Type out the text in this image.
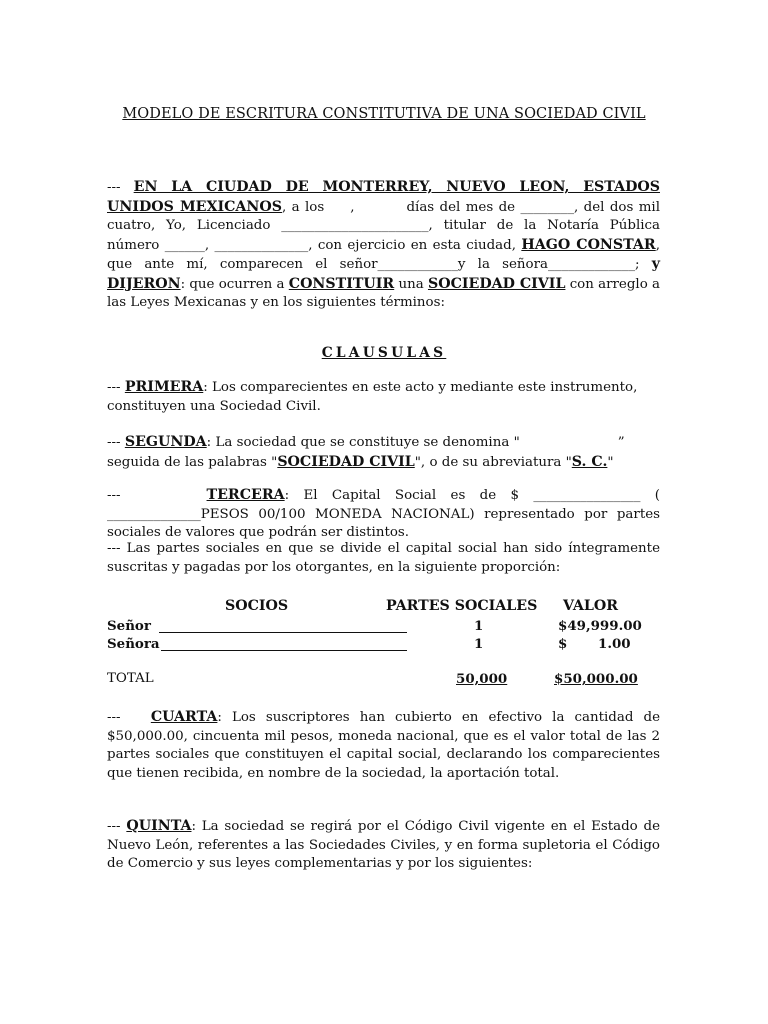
MODELO DE ESCRITURA CONSTITUTIVA DE UNA SOCIEDAD CIVIL
--- EN LA CIUDAD DE MONTERREY, NUEVO LEON, ESTADOS UNIDOS MEXICANOS, a los ,	días del mes de ________, del dos mil cuatro, Yo, Licenciado ______________________, titular de la Notaría Pública número ______, ______________, con ejercicio en esta ciudad, HAGO CONSTAR, que ante mí, comparecen el señor____________y la señora_____________; y DIJERON: que ocurren a CONSTITUIR una SOCIEDAD CIVIL con arreglo a las Leyes Mexicanas y en los siguientes términos:
CLAUSULAS
--- PRIMERA: Los comparecientes en este acto y mediante este instrumento, constituyen una Sociedad Civil.
--- SEGUNDA: La sociedad que se constituye se denomina "	”
seguida de las palabras "SOCIEDAD CIVIL", o de su abreviatura "S. C."
---      TERCERA: El Capital Social es de $ ________________ ( ______________PESOS 00/100 MONEDA NACIONAL) representado por partes sociales de valores que podrán ser distintos.
--- Las partes sociales en que se divide el capital social han sido íntegramente suscritas y pagadas por los otorgantes, en la siguiente proporción:
SOCIOS	PARTES SOCIALES VALOR
Señor	1	$49,999.00
Señora	1	$ 1.00
TOTAL	50,000	$50,000.00
---   CUARTA: Los suscriptores han cubierto en efectivo la cantidad de $50,000.00, cincuenta mil pesos, moneda nacional, que es el valor total de las 2 partes sociales que constituyen el capital social, declarando los comparecientes que tienen recibida, en nombre de la sociedad, la aportación total.
--- QUINTA: La sociedad se regirá por el Código Civil vigente en el Estado de Nuevo León, referentes a las Sociedades Civiles, y en forma supletoria el Código de Comercio y sus leyes complementarias y por los siguientes:
